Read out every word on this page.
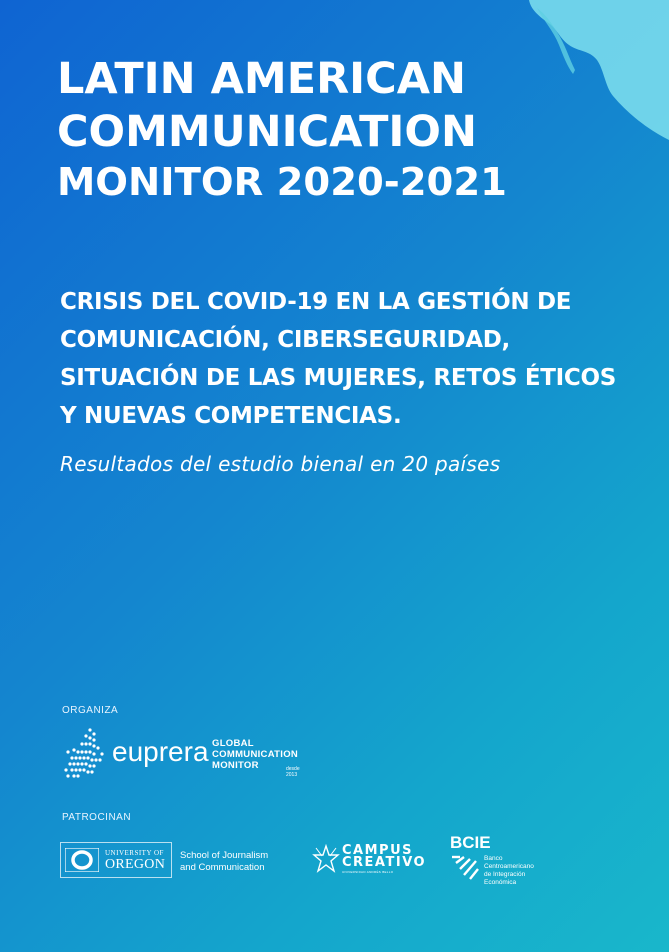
LATIN AMERICAN
COMMUNICATION
MONITOR 2020-2021
CRISIS DEL COVID-19 EN LA GESTIÓN DE COMUNICACIÓN, CIBERSEGURIDAD, SITUACIÓN DE LAS MUJERES, RETOS ÉTICOS Y NUEVAS COMPETENCIAS.

Resultados del estudio bienal en 20 países

ORGANIZA
euprera GLOBAL
COMMUNICATION
MONITOR	desde 2013
PATROCINAN
UNIVERSITY OF
OREGON
School of Journalism
and Communication
CAMPUS
CREATIVO
UNIVERSIDAD ANDRÉS BELLO
BCIE
Banco
Centroamericano
de Integración
Económica
